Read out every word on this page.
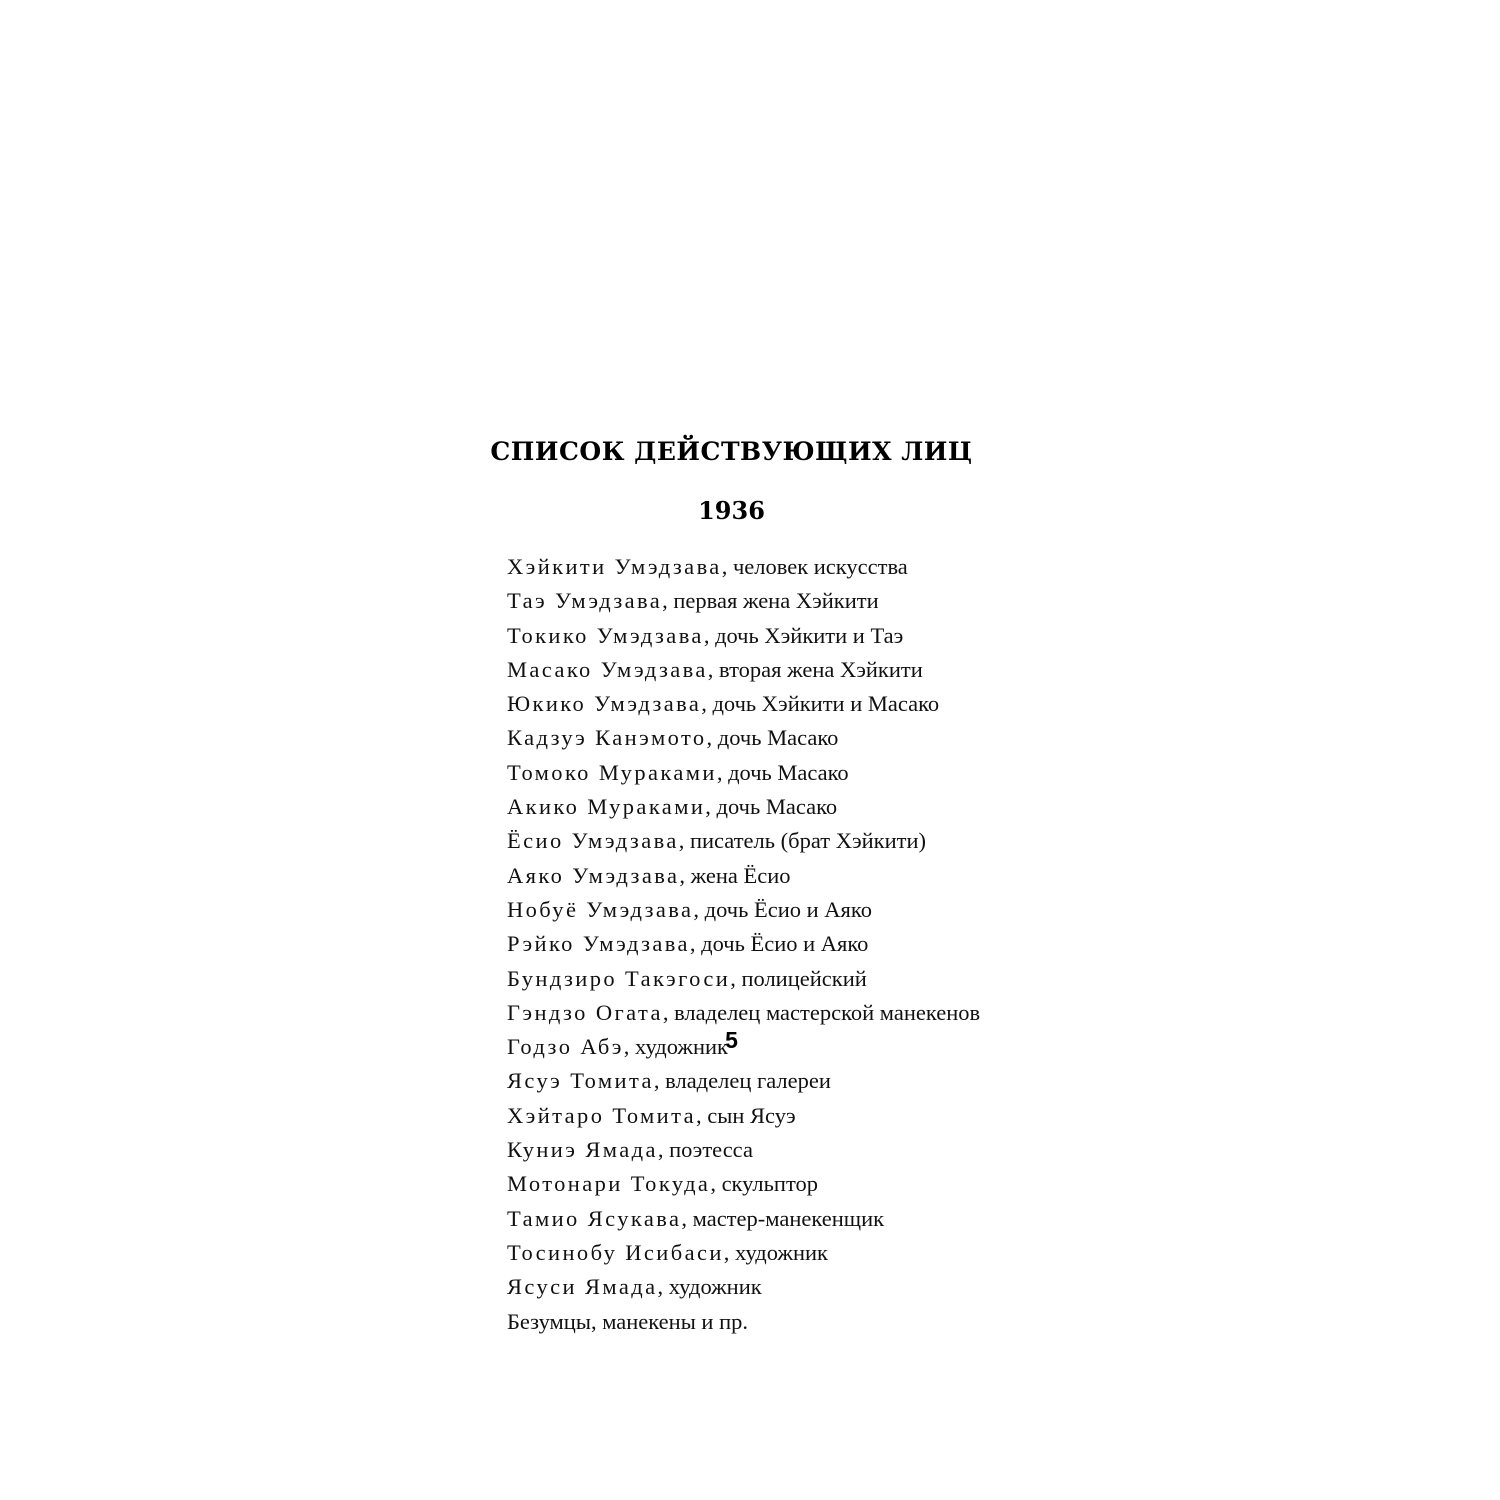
СПИСОК ДЕЙСТВУЮЩИХ ЛИЦ
1936
Хэйкити Умэдзава, человек искусства
Таэ Умэдзава, первая жена Хэйкити
Токико Умэдзава, дочь Хэйкити и Таэ
Масако Умэдзава, вторая жена Хэйкити
Юкико Умэдзава, дочь Хэйкити и Масако
Кадзуэ Канэмото, дочь Масако
Томоко Мураками, дочь Масако
Акико Мураками, дочь Масако
Ёсио Умэдзава, писатель (брат Хэйкити)
Аяко Умэдзава, жена Ёсио
Нобуё Умэдзава, дочь Ёсио и Аяко
Рэйко Умэдзава, дочь Ёсио и Аяко
Бундзиро Такэгоси, полицейский
Гэндзо Огата, владелец мастерской манекенов
Годзо Абэ, художник
Ясуэ Томита, владелец галереи
Хэйтаро Томита, сын Ясуэ
Куниэ Ямада, поэтесса
Мотонари Токуда, скульптор
Тамио Ясукава, мастер-манекенщик
Тосинобу Исибаси, художник
Ясуси Ямада, художник
Безумцы, манекены и пр.
5
